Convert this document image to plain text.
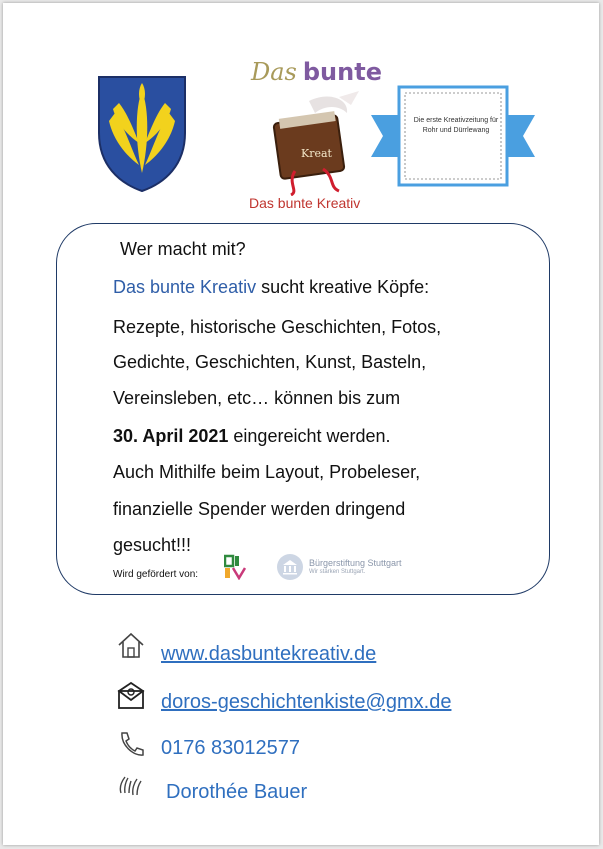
Das bunte
Kreat
Das bunte Kreativ
Die erste Kreativzeitung für Rohr und Dürrlewang
Wer macht mit?
Das bunte Kreativ sucht kreative Köpfe:
Rezepte, historische Geschichten, Fotos,
Gedichte, Geschichten, Kunst, Basteln,
Vereinsleben, etc… können bis zum
30. April 2021 eingereicht werden.
Auch Mithilfe beim Layout, Probeleser,
finanzielle Spender werden dringend
gesucht!!!
Wird gefördert von:
Bürgerstiftung Stuttgart
Wir stärken Stuttgart.
www.dasbuntekreativ.de
doros-geschichtenkiste@gmx.de
0176 83012577
Dorothée Bauer
